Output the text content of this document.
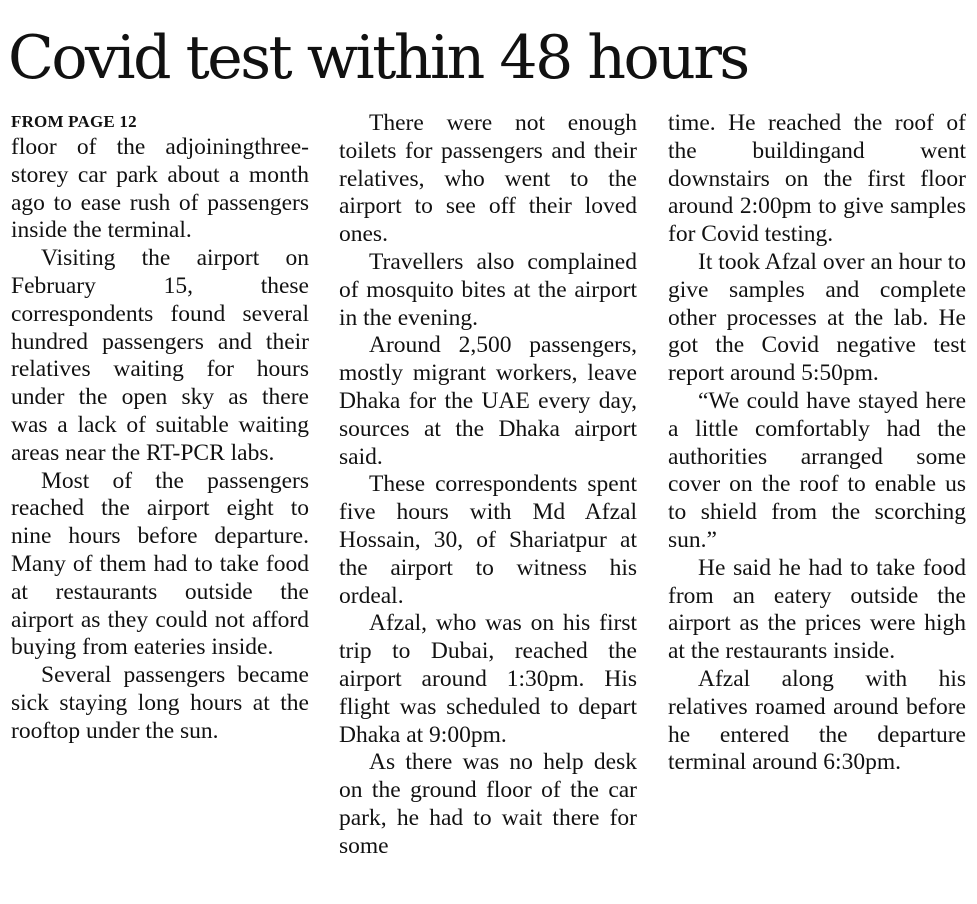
Covid test within 48 hours
FROM PAGE 12

floor of the adjoiningthree-storey car park about a month ago to ease rush of passengers inside the terminal.

Visiting the airport on February 15, these correspondents found several hundred passengers and their relatives waiting for hours under the open sky as there was a lack of suitable waiting areas near the RT-PCR labs.

Most of the passengers reached the airport eight to nine hours before departure. Many of them had to take food at restaurants outside the airport as they could not afford buying from eateries inside.

Several passengers became sick staying long hours at the rooftop under the sun.

There were not enough toilets for passengers and their relatives, who went to the airport to see off their loved ones.

Travellers also complained of mosquito bites at the airport in the evening.

Around 2,500 passengers, mostly migrant workers, leave Dhaka for the UAE every day, sources at the Dhaka airport said.

These correspondents spent five hours with Md Afzal Hossain, 30, of Shariatpur at the airport to witness his ordeal.

Afzal, who was on his first trip to Dubai, reached the airport around 1:30pm. His flight was scheduled to depart Dhaka at 9:00pm.

As there was no help desk on the ground floor of the car park, he had to wait there for some

time. He reached the roof of the buildingand went downstairs on the first floor around 2:00pm to give samples for Covid testing.

It took Afzal over an hour to give samples and complete other processes at the lab. He got the Covid negative test report around 5:50pm.

“We could have stayed here a little comfortably had the authorities arranged some cover on the roof to enable us to shield from the scorching sun.”

He said he had to take food from an eatery outside the airport as the prices were high at the restaurants inside.

Afzal along with his relatives roamed around before he entered the departure terminal around 6:30pm.
